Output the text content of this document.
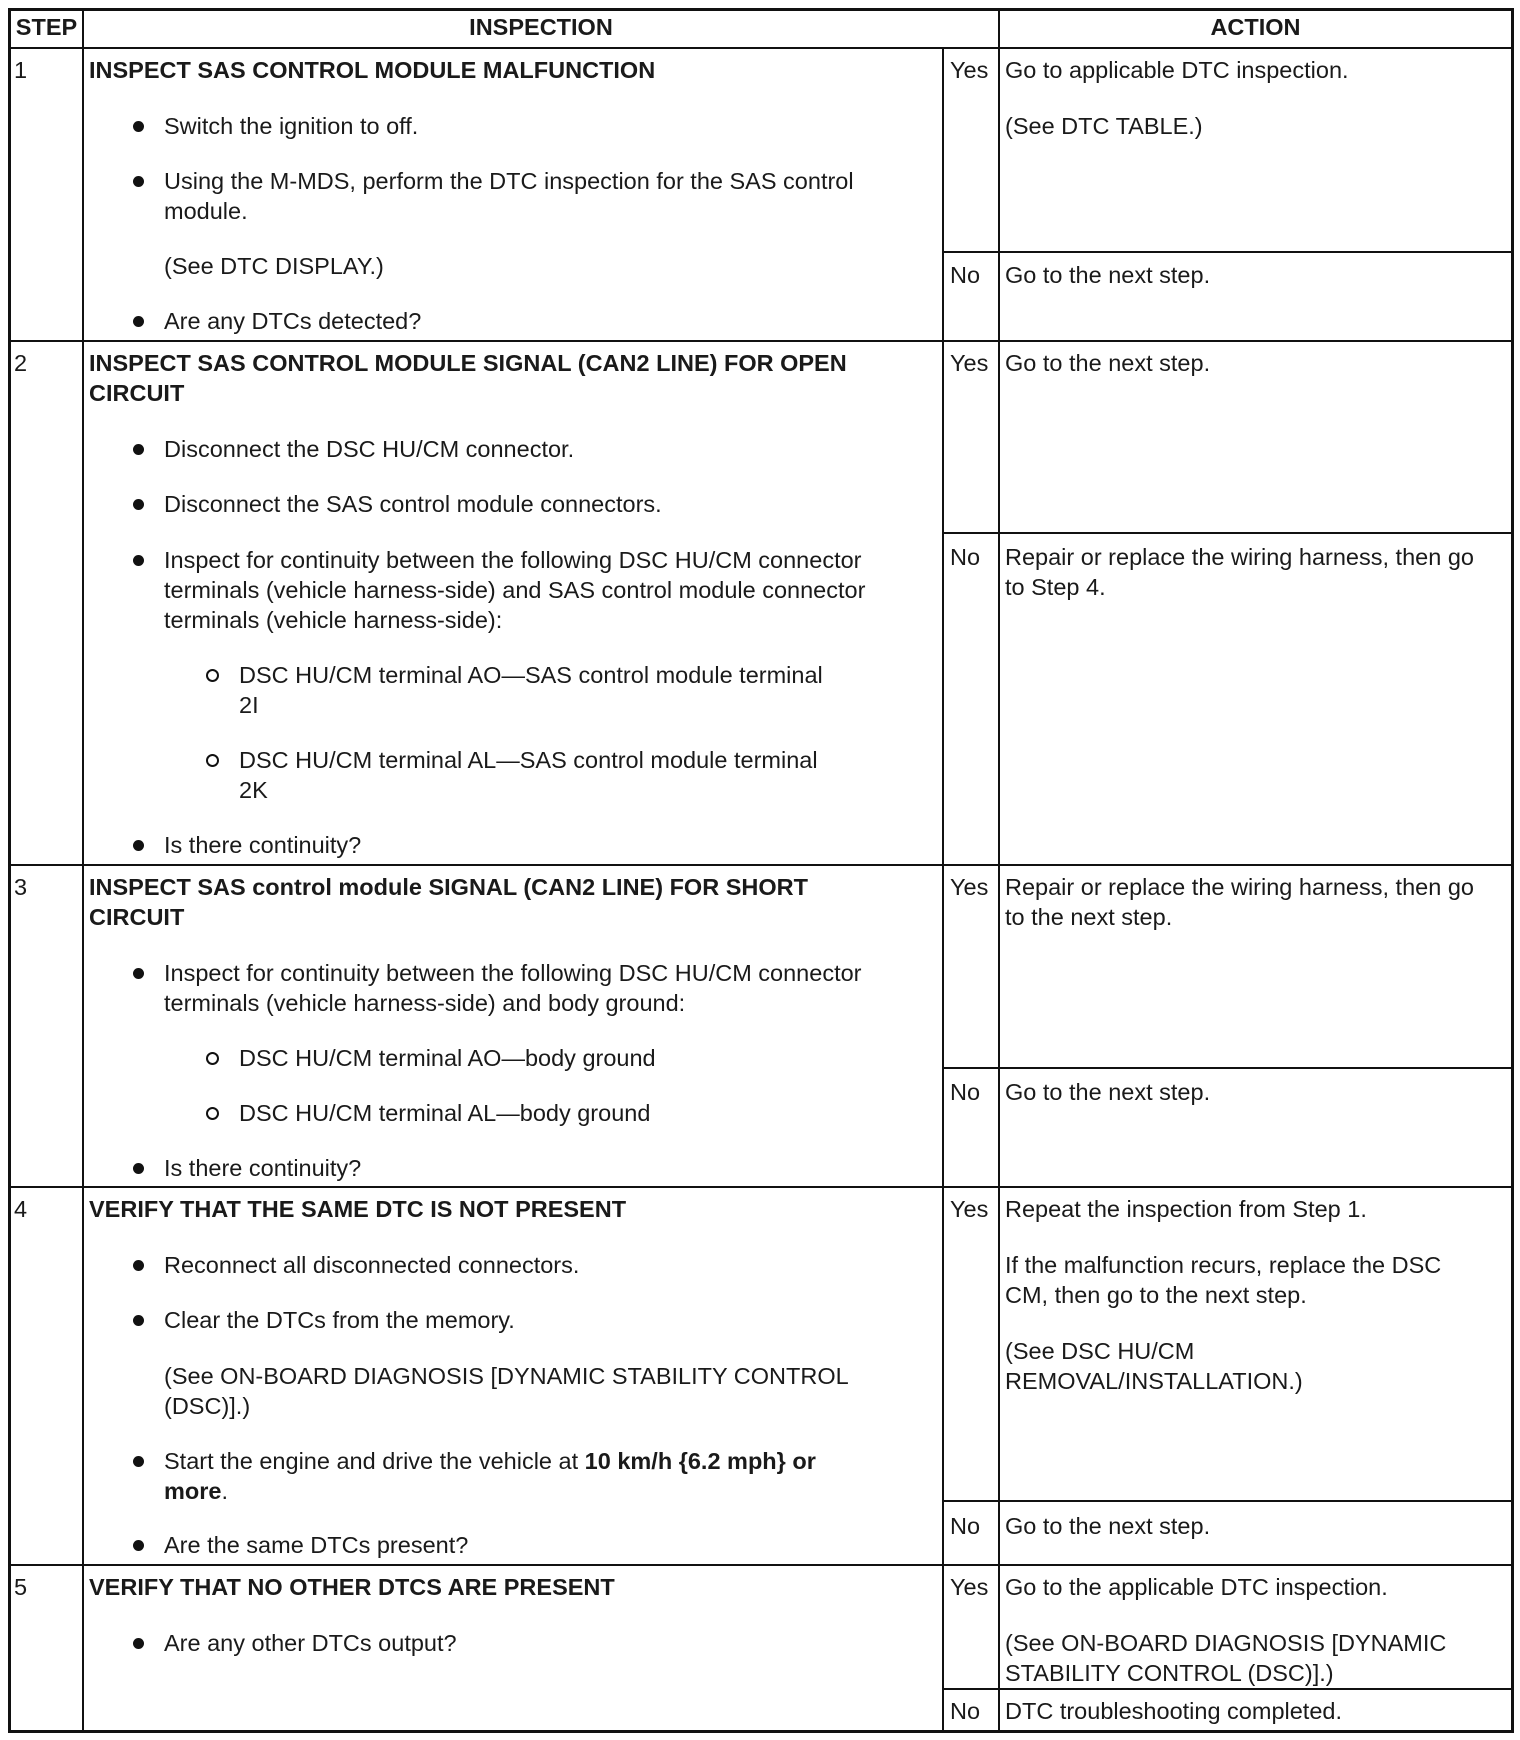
STEP	INSPECTION	ACTION
1	INSPECT SAS CONTROL MODULE MALFUNCTION
Switch the ignition to off.
Using the M-MDS, perform the DTC inspection for the SAS control
module.
(See DTC DISPLAY.)
Are any DTCs detected?
Yes Go to applicable DTC inspection.
(See DTC TABLE.)
No Go to the next step.
2	INSPECT SAS CONTROL MODULE SIGNAL (CAN2 LINE) FOR OPEN
CIRCUIT
Disconnect the DSC HU/CM connector.
Disconnect the SAS control module connectors.
Inspect for continuity between the following DSC HU/CM connector
terminals (vehicle harness-side) and SAS control module connector
terminals (vehicle harness-side):
DSC HU/CM terminal AO—SAS control module terminal
2I
DSC HU/CM terminal AL—SAS control module terminal
2K
Is there continuity?
Yes Go to the next step.
No Repair or replace the wiring harness, then go
to Step 4.
3	INSPECT SAS control module SIGNAL (CAN2 LINE) FOR SHORT
CIRCUIT
Inspect for continuity between the following DSC HU/CM connector
terminals (vehicle harness-side) and body ground:
DSC HU/CM terminal AO—body ground
DSC HU/CM terminal AL—body ground
Is there continuity?
Yes Repair or replace the wiring harness, then go
to the next step.
No Go to the next step.
4	VERIFY THAT THE SAME DTC IS NOT PRESENT
Reconnect all disconnected connectors.
Clear the DTCs from the memory.
(See ON-BOARD DIAGNOSIS [DYNAMIC STABILITY CONTROL
(DSC)].)
Start the engine and drive the vehicle at 10 km/h {6.2 mph} or
more.
Are the same DTCs present?
Yes Repeat the inspection from Step 1.
If the malfunction recurs, replace the DSC
CM, then go to the next step.
(See DSC HU/CM
REMOVAL/INSTALLATION.)
No Go to the next step.
5	VERIFY THAT NO OTHER DTCS ARE PRESENT
Are any other DTCs output?
Yes Go to the applicable DTC inspection.
(See ON-BOARD DIAGNOSIS [DYNAMIC
STABILITY CONTROL (DSC)].)
No DTC troubleshooting completed.
